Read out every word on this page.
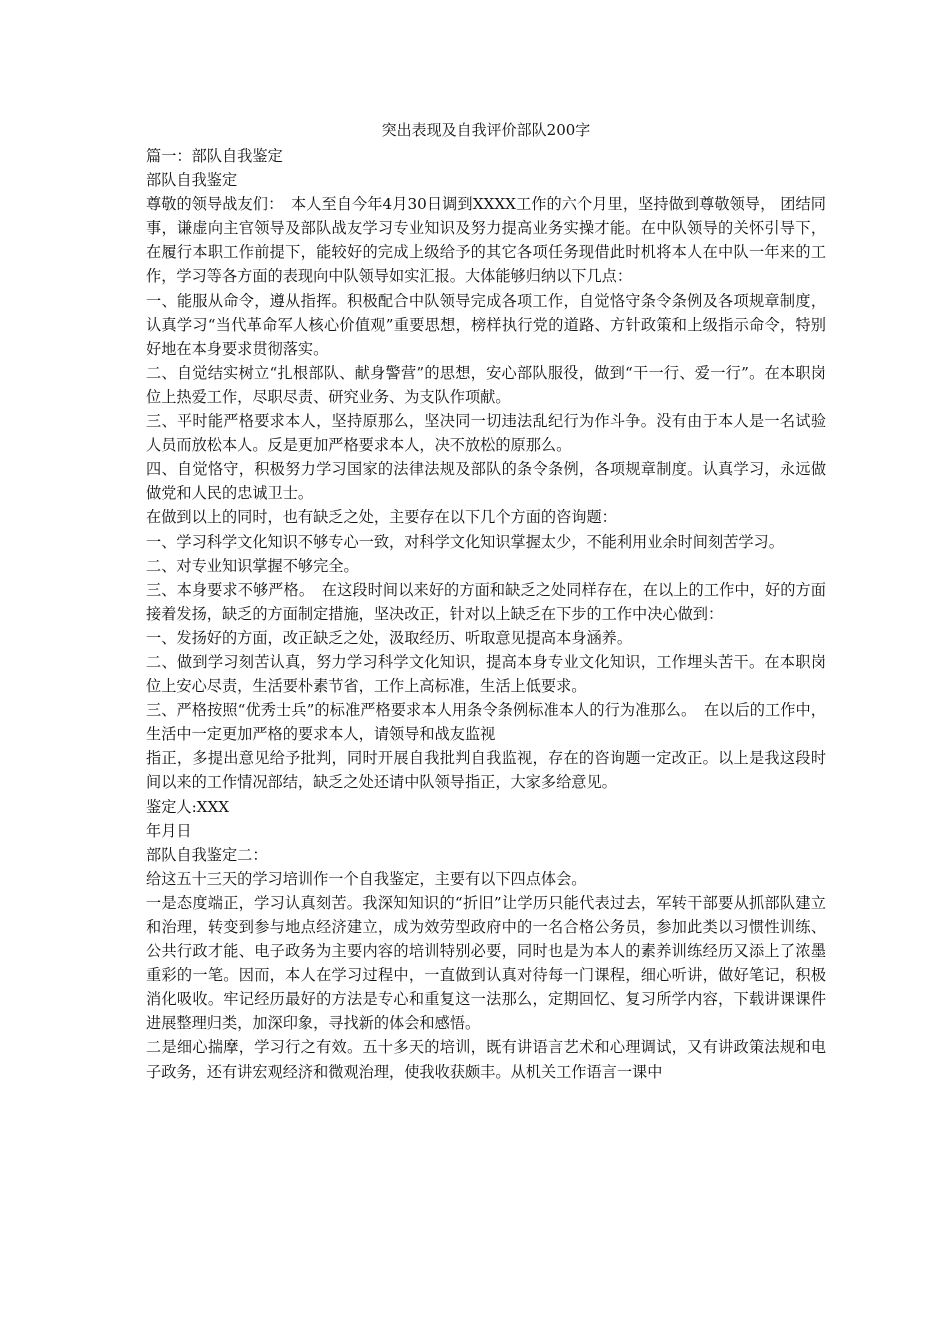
突出表现及自我评价部队200字

篇一：部队自我鉴定

部队自我鉴定

尊敬的领导战友们：　本人至自今年4月30日调到XXXX工作的六个月里，坚持做到尊敬领导， 团结同事，谦虚向主官领导及部队战友学习专业知识及努力提高业务实操才能。在中队领导的关怀引导下，在履行本职工作前提下，能较好的完成上级给予的其它各项任务现借此时机将本人在中队一年来的工作，学习等各方面的表现向中队领导如实汇报。大体能够归纳以下几点：

一、能服从命令，遵从指挥。积极配合中队领导完成各项工作，自觉恪守条令条例及各项规章制度，认真学习“当代革命军人核心价值观”重要思想，榜样执行党的道路、方针政策和上级指示命令，特别好地在本身要求贯彻落实。

二、自觉结实树立“扎根部队、献身警营”的思想，安心部队服役，做到“干一行、爱一行”。在本职岗位上热爱工作，尽职尽责、研究业务、为支队作项献。

三、平时能严格要求本人，坚持原那么，坚决同一切违法乱纪行为作斗争。没有由于本人是一名试验人员而放松本人。反是更加严格要求本人，决不放松的原那么。

四、自觉恪守，积极努力学习国家的法律法规及部队的条令条例，各项规章制度。认真学习，永远做做党和人民的忠诚卫士。

在做到以上的同时，也有缺乏之处，主要存在以下几个方面的咨询题：

一、学习科学文化知识不够专心一致，对科学文化知识掌握太少，不能利用业余时间刻苦学习。

二、对专业知识掌握不够完全。

三、本身要求不够严格。　在这段时间以来好的方面和缺乏之处同样存在，在以上的工作中，好的方面接着发扬，缺乏的方面制定措施，坚决改正，针对以上缺乏在下步的工作中决心做到：

一、发扬好的方面，改正缺乏之处，汲取经历、听取意见提高本身涵养。

二、做到学习刻苦认真，努力学习科学文化知识，提高本身专业文化知识，工作埋头苦干。在本职岗位上安心尽责，生活要朴素节省，工作上高标准，生活上低要求。

三、严格按照“优秀士兵”的标准严格要求本人用条令条例标准本人的行为准那么。　在以后的工作中，生活中一定更加严格的要求本人，请领导和战友监视

指正，多提出意见给予批判，同时开展自我批判自我监视，存在的咨询题一定改正。以上是我这段时间以来的工作情况部结，缺乏之处还请中队领导指正，大家多给意见。

鉴定人:XXX

年月日

部队自我鉴定二：

给这五十三天的学习培训作一个自我鉴定，主要有以下四点体会。

一是态度端正，学习认真刻苦。我深知知识的“折旧”让学历只能代表过去，军转干部要从抓部队建立和治理，转变到参与地点经济建立，成为效劳型政府中的一名合格公务员，参加此类以习惯性训练、公共行政才能、电子政务为主要内容的培训特别必要，同时也是为本人的素养训练经历又添上了浓墨重彩的一笔。因而，本人在学习过程中，一直做到认真对待每一门课程，细心听讲，做好笔记，积极消化吸收。牢记经历最好的方法是专心和重复这一法那么，定期回忆、复习所学内容，下载讲课课件进展整理归类，加深印象，寻找新的体会和感悟。

二是细心揣摩，学习行之有效。五十多天的培训，既有讲语言艺术和心理调试，又有讲政策法规和电子政务，还有讲宏观经济和微观治理，使我收获颇丰。从机关工作语言一课中
